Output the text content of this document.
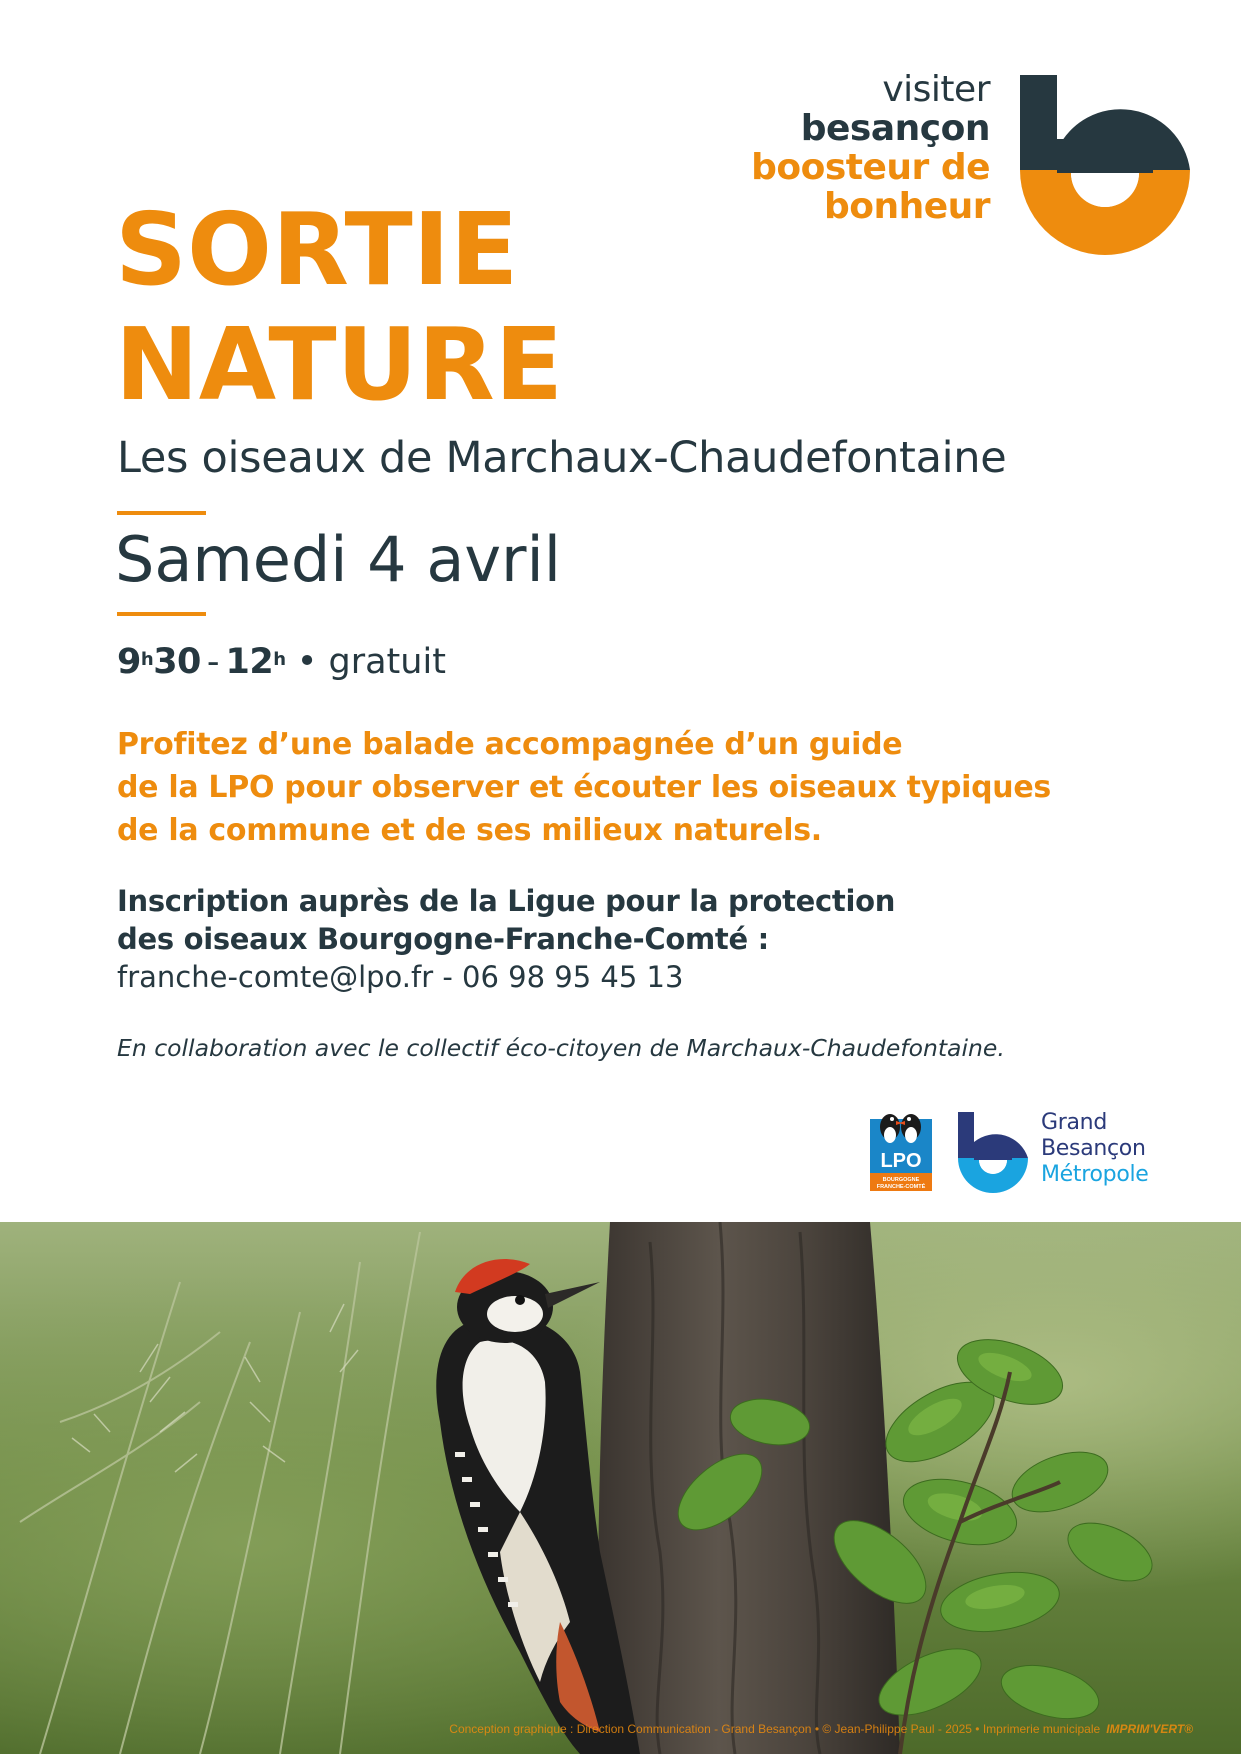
visiter
besançon
boosteur de
bonheur
SORTIE
NATURE
Les oiseaux de Marchaux-Chaudefontaine
Samedi 4 avril
9$^h$30 - 12$^h$ • gratuit
Profitez d’une balade accompagnée d’un guide
de la LPO pour observer et écouter les oiseaux typiques
de la commune et de ses milieux naturels.
Inscription auprès de la Ligue pour la protection
des oiseaux Bourgogne-Franche-Comté :
franche-comte@lpo.fr - 06 98 95 45 13
En collaboration avec le collectif éco-citoyen de Marchaux-Chaudefontaine.
LPO
BOURGOGNE
FRANCHE-COMTÉ
Grand
Besançon
Métropole
Conception graphique : Direction Communication - Grand Besançon • © Jean-Philippe Paul - 2025 • Imprimerie municipale IMPRIM'VERT®
